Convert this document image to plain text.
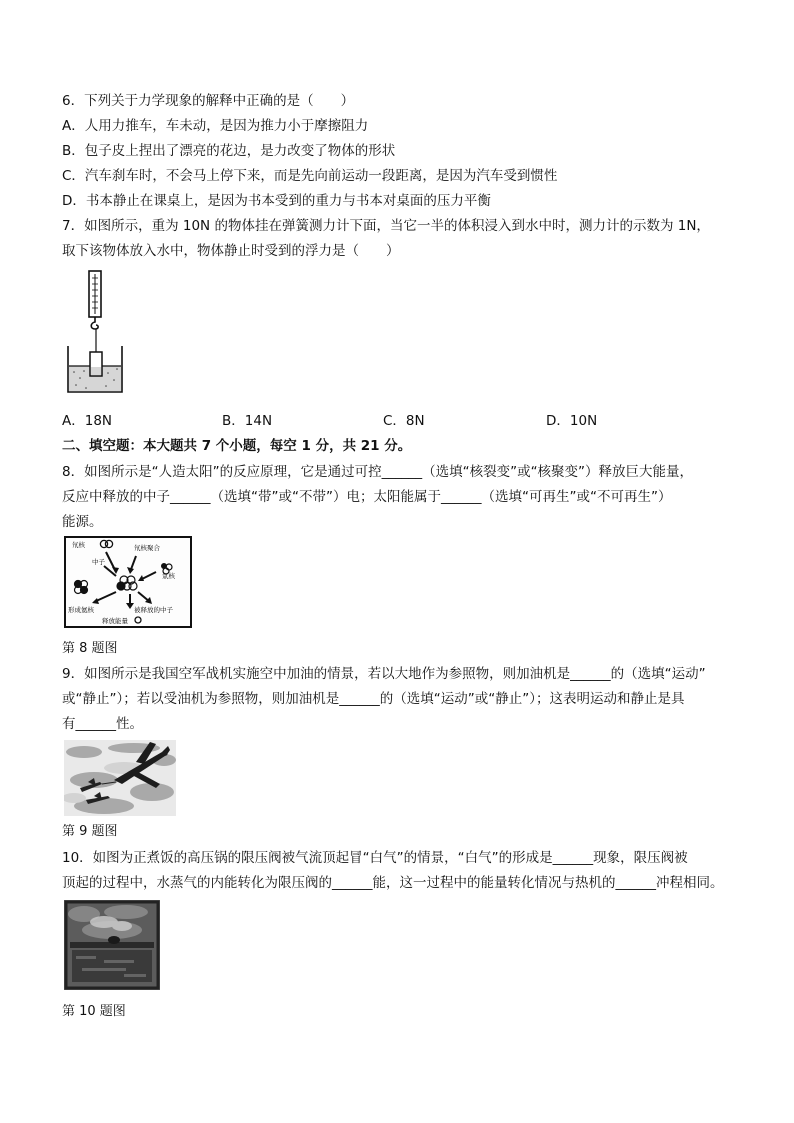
6．下列关于力学现象的解释中正确的是（　　）
A．人用力推车，车未动，是因为推力小于摩擦阻力
B．包子皮上捏出了漂亮的花边，是力改变了物体的形状
C．汽车刹车时，不会马上停下来，而是先向前运动一段距离，是因为汽车受到惯性
D．书本静止在课桌上，是因为书本受到的重力与书本对桌面的压力平衡
7．如图所示，重为 10N 的物体挂在弹簧测力计下面，当它一半的体积浸入到水中时，测力计的示数为 1N，
取下该物体放入水中，物体静止时受到的浮力是（　　）
A．18N	B．14N	C．8N	D．10N
二、填空题：本大题共 7 个小题，每空 1 分，共 21 分。
8．如图所示是“人造太阳”的反应原理，它是通过可控______（选填“核裂变”或“核聚变”）释放巨大能量，
反应中释放的中子______（选填“带”或“不带”）电；太阳能属于______（选填“可再生”或“不可再生”）
能源。
氘核	氘核聚合
中子
氚核
形成氦核	被释放的中子
释放能量
第 8 题图
9．如图所示是我国空军战机实施空中加油的情景，若以大地作为参照物，则加油机是______的（选填“运动”
或“静止”）；若以受油机为参照物，则加油机是______的（选填“运动”或“静止”）；这表明运动和静止是具
有______性。
第 9 题图
10．如图为正煮饭的高压锅的限压阀被气流顶起冒“白气”的情景，“白气”的形成是______现象，限压阀被
顶起的过程中，水蒸气的内能转化为限压阀的______能，这一过程中的能量转化情况与热机的______冲程相同。
第 10 题图
